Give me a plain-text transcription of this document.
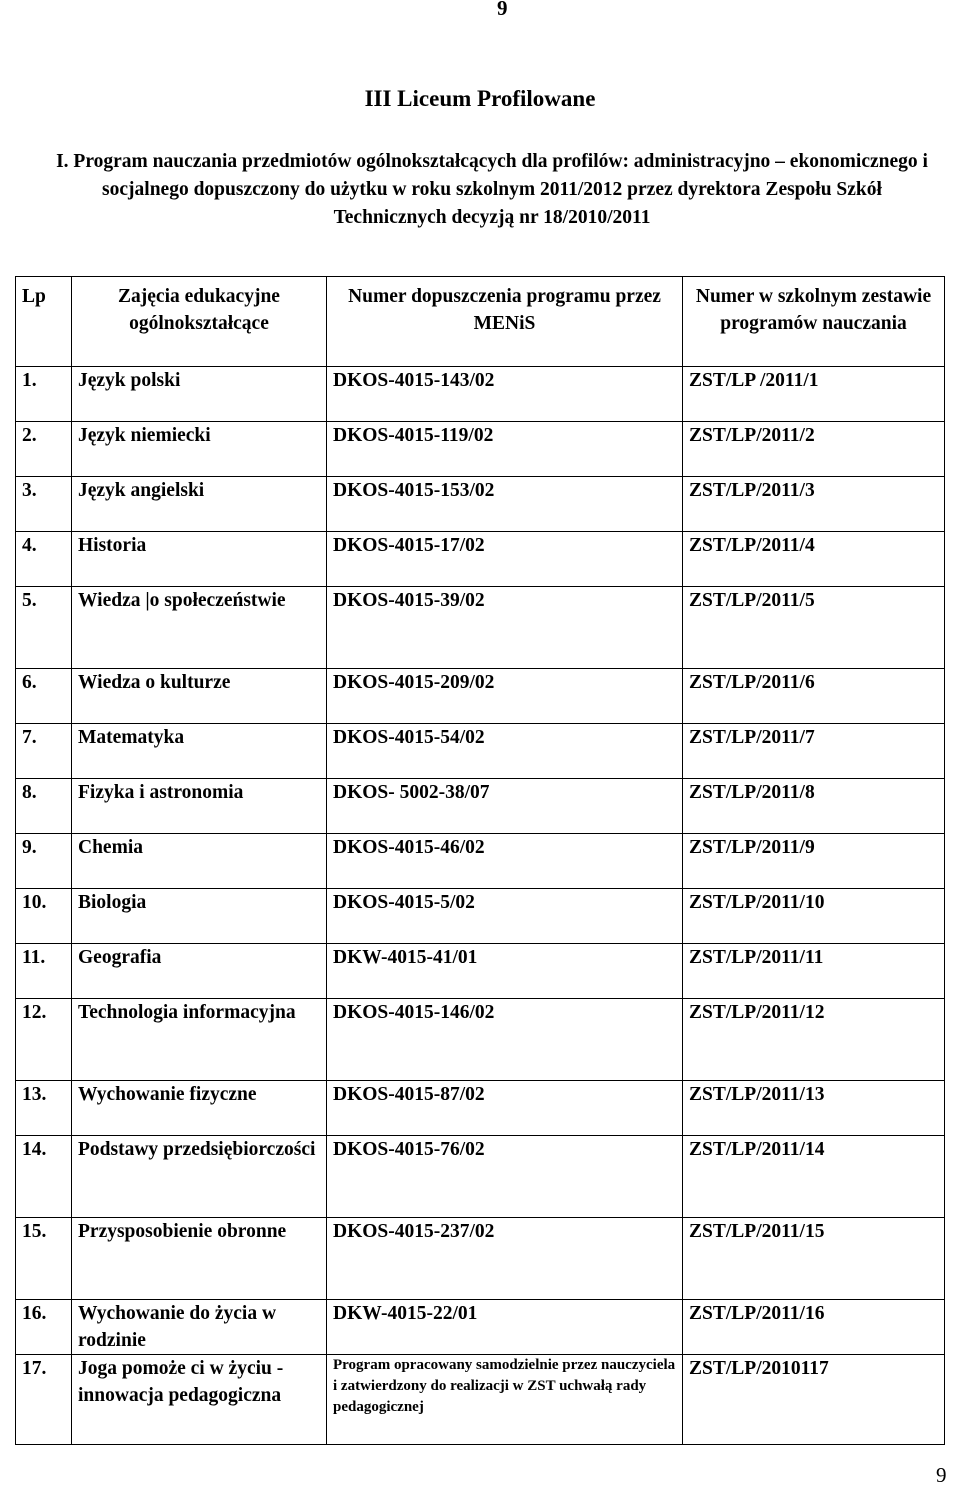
9
III Liceum Profilowane
I. Program nauczania przedmiotów ogólnokształcących dla profilów: administracyjno – ekonomicznego i socjalnego dopuszczony do użytku w roku szkolnym 2011/2012 przez dyrektora Zespołu Szkół Technicznych decyzją nr 18/2010/2011
Lp	Zajęcia edukacyjne ogólnokształcące	Numer dopuszczenia programu przez MENiS	Numer w szkolnym zestawie programów nauczania
1.	Język polski	DKOS-4015-143/02	ZST/LP /2011/1
2.	Język niemiecki	DKOS-4015-119/02	ZST/LP/2011/2
3.	Język angielski	DKOS-4015-153/02	ZST/LP/2011/3
4.	Historia	DKOS-4015-17/02	ZST/LP/2011/4
5.	Wiedza |o społeczeństwie	DKOS-4015-39/02	ZST/LP/2011/5
6.	Wiedza o kulturze	DKOS-4015-209/02	ZST/LP/2011/6
7.	Matematyka	DKOS-4015-54/02	ZST/LP/2011/7
8.	Fizyka i astronomia	DKOS- 5002-38/07	ZST/LP/2011/8
9.	Chemia	DKOS-4015-46/02	ZST/LP/2011/9
10.	Biologia	DKOS-4015-5/02	ZST/LP/2011/10
11.	Geografia	DKW-4015-41/01	ZST/LP/2011/11
12.	Technologia informacyjna	DKOS-4015-146/02	ZST/LP/2011/12
13.	Wychowanie fizyczne	DKOS-4015-87/02	ZST/LP/2011/13
14.	Podstawy przedsiębiorczości	DKOS-4015-76/02	ZST/LP/2011/14
15.	Przysposobienie obronne	DKOS-4015-237/02	ZST/LP/2011/15
16.	Wychowanie do życia w rodzinie	DKW-4015-22/01	ZST/LP/2011/16
17.	Joga pomoże ci w życiu - innowacja pedagogiczna	Program opracowany samodzielnie przez nauczyciela i zatwierdzony do realizacji w ZST uchwałą rady pedagogicznej	ZST/LP/2010117
9
